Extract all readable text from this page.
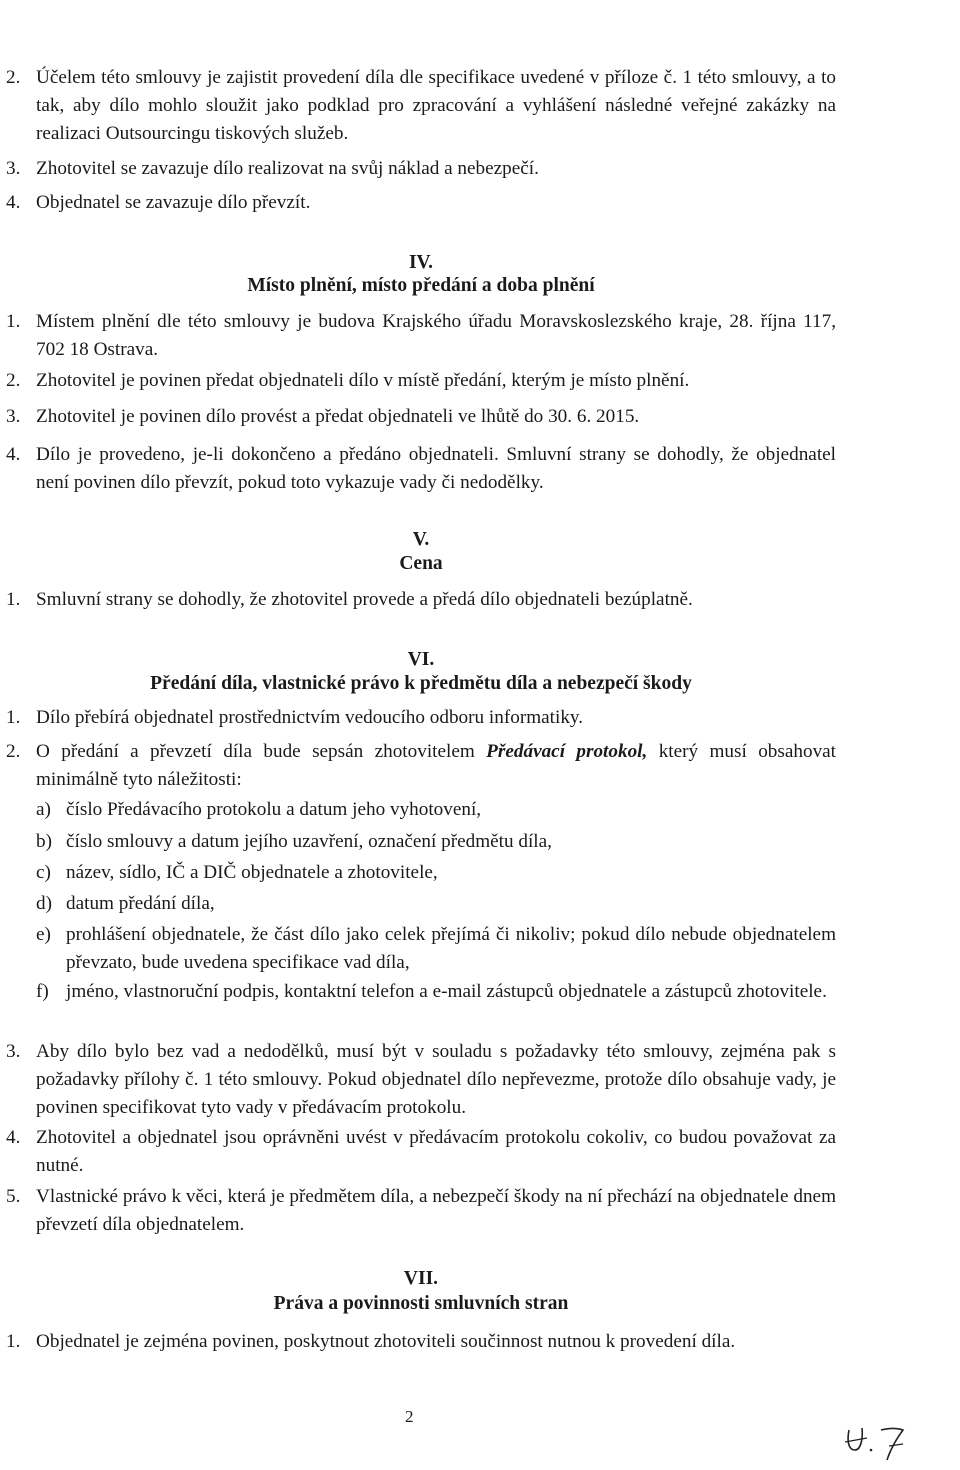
2. Účelem této smlouvy je zajistit provedení díla dle specifikace uvedené v příloze č. 1 této smlouvy, a to tak, aby dílo mohlo sloužit jako podklad pro zpracování a vyhlášení následné veřejné zakázky na realizaci Outsourcingu tiskových služeb.
3. Zhotovitel se zavazuje dílo realizovat na svůj náklad a nebezpečí.
4. Objednatel se zavazuje dílo převzít.
IV.
Místo plnění, místo předání a doba plnění
1. Místem plnění dle této smlouvy je budova Krajského úřadu Moravskoslezského kraje, 28. října 117, 702 18 Ostrava.
2. Zhotovitel je povinen předat objednateli dílo v místě předání, kterým je místo plnění.
3. Zhotovitel je povinen dílo provést a předat objednateli ve lhůtě do 30. 6. 2015.
4. Dílo je provedeno, je-li dokončeno a předáno objednateli. Smluvní strany se dohodly, že objednatel není povinen dílo převzít, pokud toto vykazuje vady či nedodělky.
V.
Cena
1. Smluvní strany se dohodly, že zhotovitel provede a předá dílo objednateli bezúplatně.
VI.
Předání díla, vlastnické právo k předmětu díla a nebezpečí škody
1. Dílo přebírá objednatel prostřednictvím vedoucího odboru informatiky.
2. O předání a převzetí díla bude sepsán zhotovitelem Předávací protokol, který musí obsahovat minimálně tyto náležitosti:
a) číslo Předávacího protokolu a datum jeho vyhotovení,
b) číslo smlouvy a datum jejího uzavření, označení předmětu díla,
c) název, sídlo, IČ a DIČ objednatele a zhotovitele,
d) datum předání díla,
e) prohlášení objednatele, že část dílo jako celek přejímá či nikoliv; pokud dílo nebude objednatelem převzato, bude uvedena specifikace vad díla,
f) jméno, vlastnoruční podpis, kontaktní telefon a e-mail zástupců objednatele a zástupců zhotovitele.
3. Aby dílo bylo bez vad a nedodělků, musí být v souladu s požadavky této smlouvy, zejména pak s požadavky přílohy č. 1 této smlouvy. Pokud objednatel dílo nepřevezme, protože dílo obsahuje vady, je povinen specifikovat tyto vady v předávacím protokolu.
4. Zhotovitel a objednatel jsou oprávněni uvést v předávacím protokolu cokoliv, co budou považovat za nutné.
5. Vlastnické právo k věci, která je předmětem díla, a nebezpečí škody na ní přechází na objednatele dnem převzetí díla objednatelem.
VII.
Práva a povinnosti smluvních stran
1. Objednatel je zejména povinen, poskytnout zhotoviteli součinnost nutnou k provedení díla.
2
